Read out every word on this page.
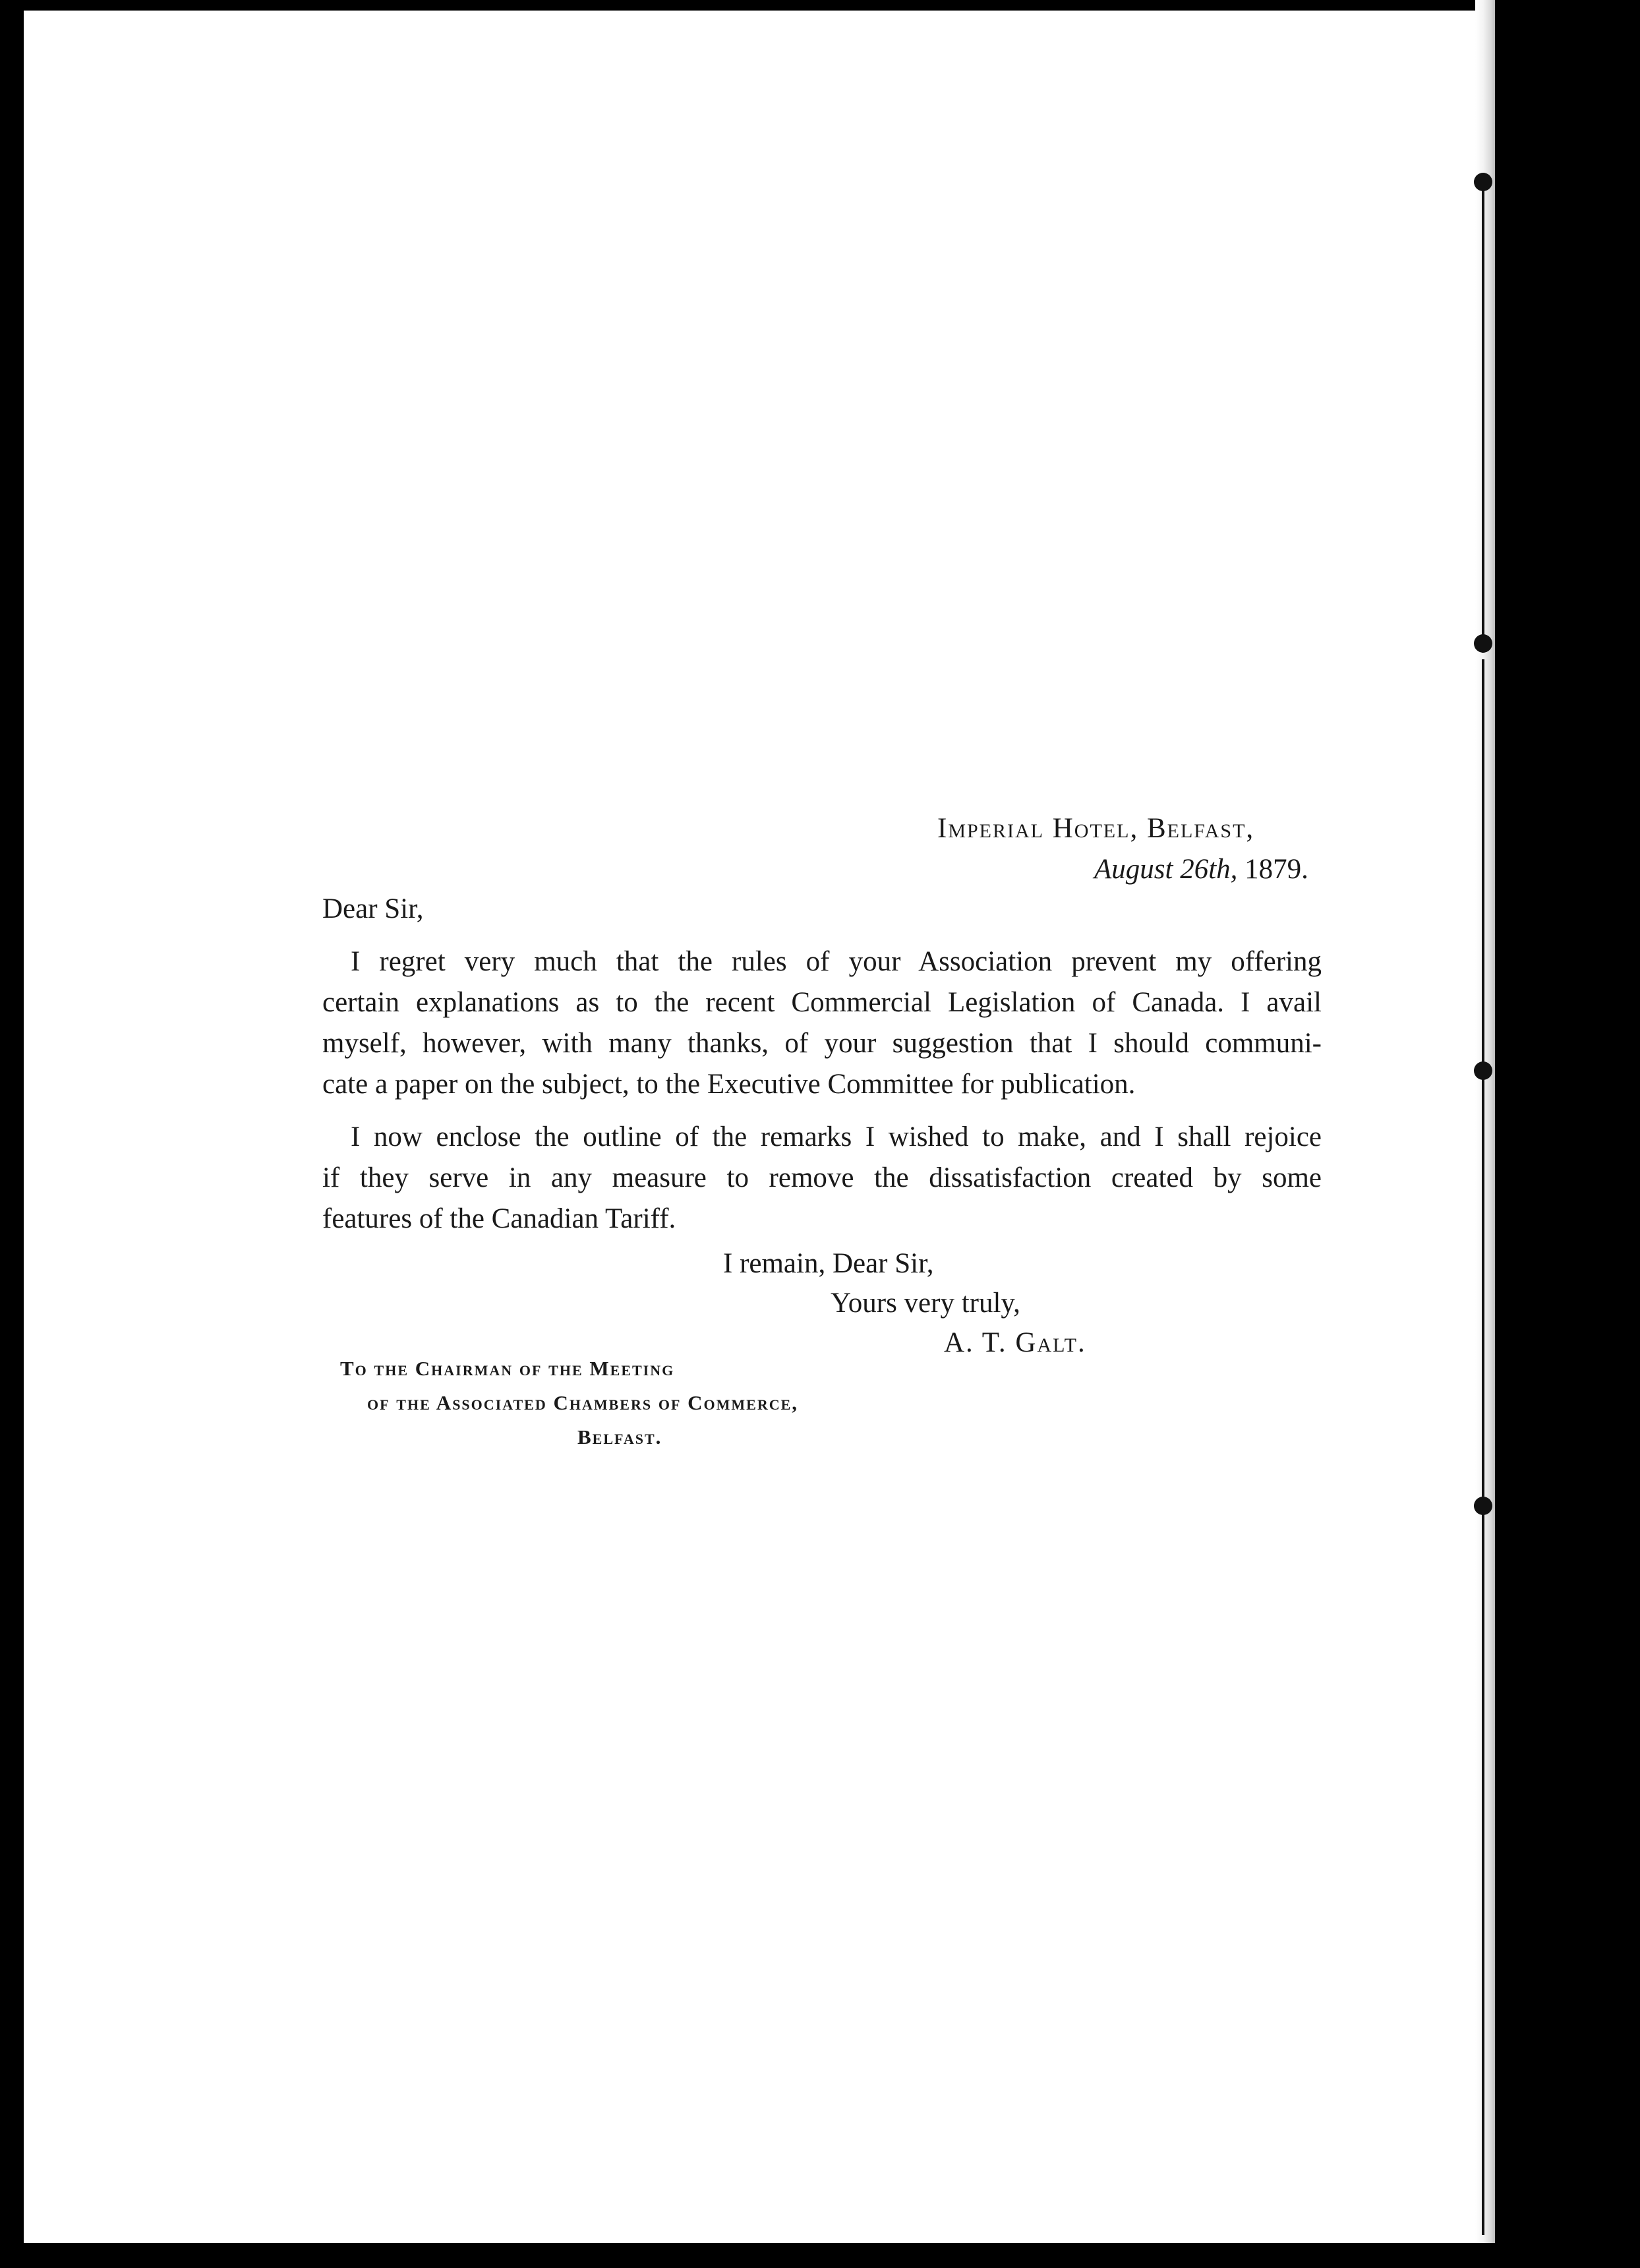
Imperial Hotel, Belfast,
August 26th, 1879.
Dear Sir,
I regret very much that the rules of your Association prevent my offering
certain explanations as to the recent Commercial Legislation of Canada. I avail
myself, however, with many thanks, of your suggestion that I should communi-
cate a paper on the subject, to the Executive Committee for publication.
I now enclose the outline of the remarks I wished to make, and I shall rejoice
if they serve in any measure to remove the dissatisfaction created by some
features of the Canadian Tariff.
I remain, Dear Sir,
Yours very truly,
A. T. Galt.
To the Chairman of the Meeting
of the Associated Chambers of Commerce,
Belfast.
